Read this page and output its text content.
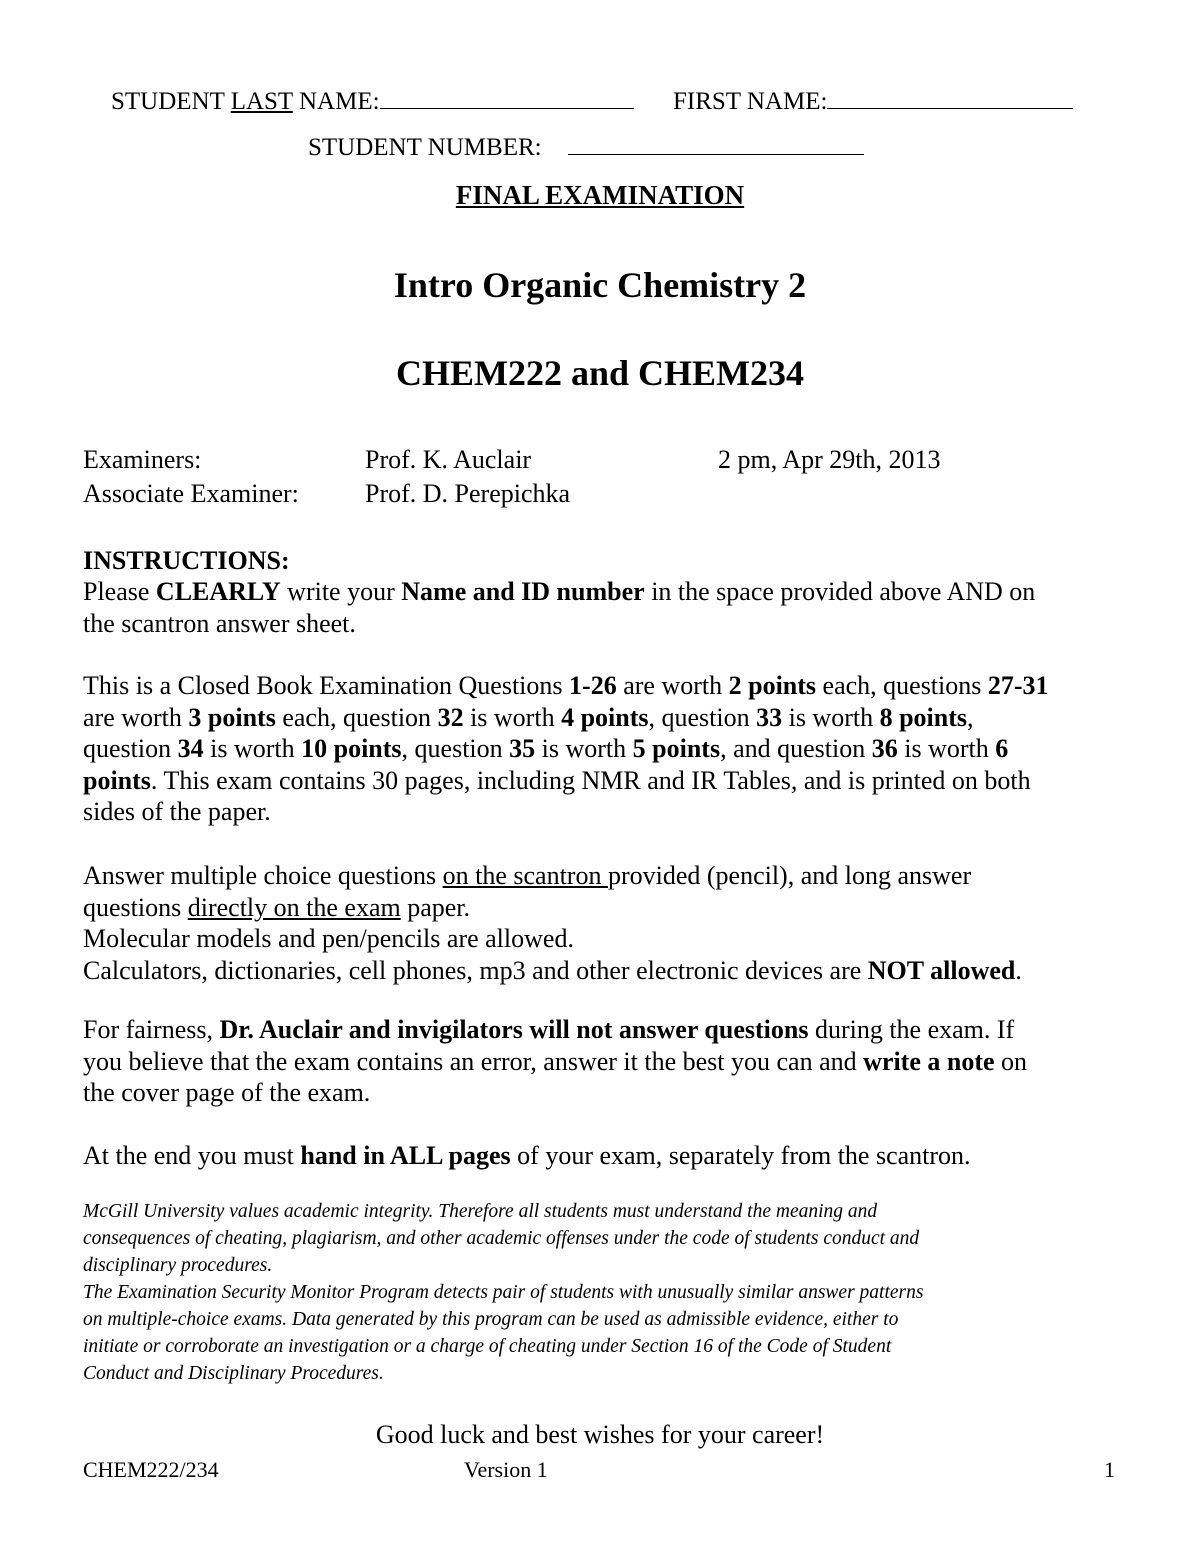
STUDENT LAST NAME:	FIRST NAME:
STUDENT NUMBER:
FINAL EXAMINATION
Intro Organic Chemistry 2
CHEM222 and CHEM234
Examiners:	Prof. K. Auclair	2 pm, Apr 29th, 2013
Associate Examiner:	Prof. D. Perepichka
INSTRUCTIONS:
Please CLEARLY write your Name and ID number in the space provided above AND on
the scantron answer sheet.
This is a Closed Book Examination Questions 1-26 are worth 2 points each, questions 27-31
are worth 3 points each, question 32 is worth 4 points, question 33 is worth 8 points,
question 34 is worth 10 points, question 35 is worth 5 points, and question 36 is worth 6
points. This exam contains 30 pages, including NMR and IR Tables, and is printed on both
sides of the paper.
Answer multiple choice questions on the scantron provided (pencil), and long answer
questions directly on the exam paper.
Molecular models and pen/pencils are allowed.
Calculators, dictionaries, cell phones, mp3 and other electronic devices are NOT allowed.
For fairness, Dr. Auclair and invigilators will not answer questions during the exam. If
you believe that the exam contains an error, answer it the best you can and write a note on
the cover page of the exam.
At the end you must hand in ALL pages of your exam, separately from the scantron.
McGill University values academic integrity. Therefore all students must understand the meaning and
consequences of cheating, plagiarism, and other academic offenses under the code of students conduct and
disciplinary procedures.
The Examination Security Monitor Program detects pair of students with unusually similar answer patterns
on multiple-choice exams. Data generated by this program can be used as admissible evidence, either to
initiate or corroborate an investigation or a charge of cheating under Section 16 of the Code of Student
Conduct and Disciplinary Procedures.
Good luck and best wishes for your career!
CHEM222/234	Version 1	1
